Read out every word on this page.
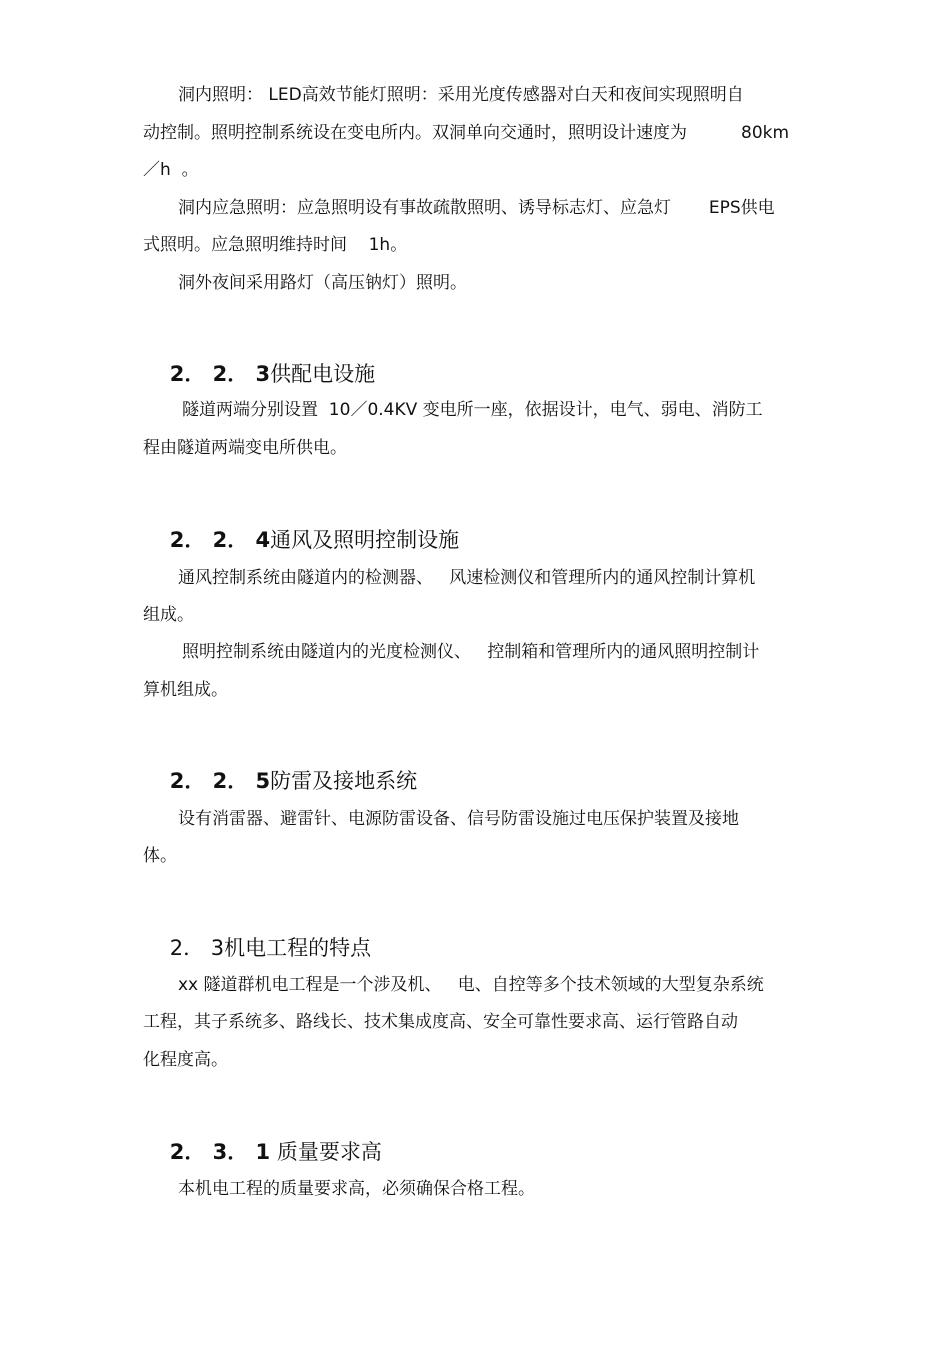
洞内照明： LED高效节能灯照明：采用光度传感器对白天和夜间实现照明自
动控制。照明控制系统设在变电所内。双洞单向交通时，照明设计速度为          80km
／h  。
洞内应急照明：应急照明设有事故疏散照明、诱导标志灯、应急灯       EPS供电
式照明。应急照明维持时间    1h。
洞外夜间采用路灯（高压钠灯）照明。

2． 2． 3供配电设施

隧道两端分别设置  10／0.4KV 变电所一座，依据设计，电气、弱电、消防工
程由隧道两端变电所供电。

2． 2． 4通风及照明控制设施

通风控制系统由隧道内的检测器、   风速检测仪和管理所内的通风控制计算机
组成。
照明控制系统由隧道内的光度检测仪、   控制箱和管理所内的通风照明控制计
算机组成。

2． 2． 5防雷及接地系统

设有消雷器、避雷针、电源防雷设备、信号防雷设施过电压保护装置及接地
体。

2． 3机电工程的特点

xx 隧道群机电工程是一个涉及机、   电、自控等多个技术领域的大型复杂系统
工程，其子系统多、路线长、技术集成度高、安全可靠性要求高、运行管路自动
化程度高。

2． 3． 1 质量要求高

本机电工程的质量要求高，必须确保合格工程。
